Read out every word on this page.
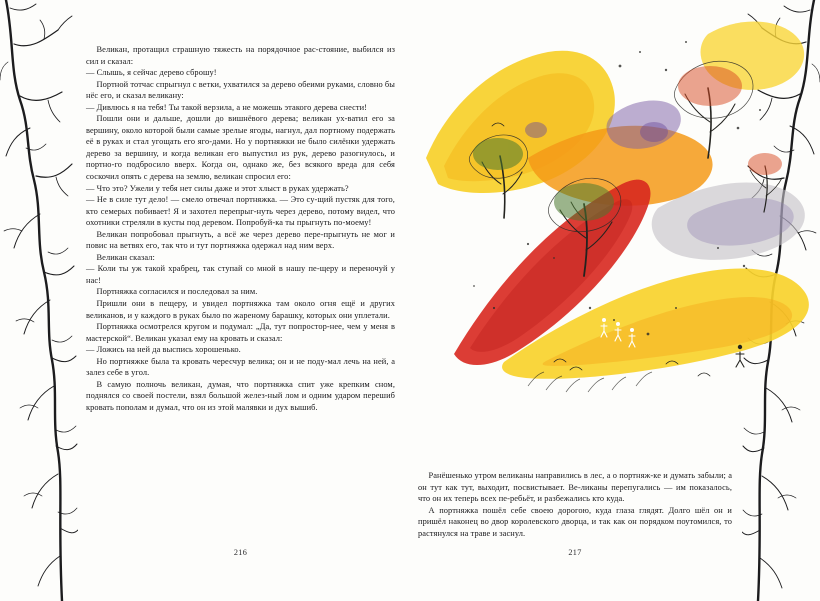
Великан, протащил страшную тяжесть на порядочное рас-стояние, выбился из сил и сказал:

— Слышь, я сейчас дерево сброшу!

Портной тотчас спрыгнул с ветки, ухватился за дерево обеими руками, словно бы нёс его, и сказал великану:

— Дивлюсь я на тебя! Ты такой верзила, а не можешь этакого дерева снести!

Пошли они и дальше, дошли до вишнёвого дерева; великан ух-ватил его за вершину, около которой были самые зрелые ягоды, нагнул, дал портному подержать её в руках и стал угощать его яго-дами. Но у портняжки не было силёнки удержать дерево за вершину, и когда великан его выпустил из рук, дерево разогнулось, и портно-го подбросило вверх. Когда он, однако же, без всякого вреда для себя соскочил опять с дерева на землю, великан спросил его:

— Что это? Ужели у тебя нет силы даже и этот хлыст в руках удержать?

— Не в силе тут дело! — смело отвечал портняжка. — Это су-щий пустяк для того, кто семерых побивает! Я и захотел перепрыг-нуть через дерево, потому видел, что охотники стреляли в кусты под деревом. Попробуй-ка ты прыгнуть по-моему!

Великан попробовал прыгнуть, а всё же через дерево пере-прыгнуть не мог и повис на ветвях его, так что и тут портняжка одержал над ним верх.

Великан сказал:

— Коли ты уж такой храбрец, так ступай со мной в нашу пе-щеру и переночуй у нас!

Портняжка согласился и последовал за ним.

Пришли они в пещеру, и увидел портняжка там около огня ещё и других великанов, и у каждого в руках было по жареному барашку, которых они уплетали.

Портняжка осмотрелся кругом и подумал: „Да, тут попростор-нее, чем у меня в мастерской“. Великан указал ему на кровать и сказал:

— Ложись на ней да выспись хорошенько.

Но портняжке была та кровать чересчур велика; он и не поду-мал лечь на ней, а залез себе в угол.

В самую полночь великан, думая, что портняжка спит уже крепким сном, поднялся со своей постели, взял большой желез-ный лом и одним ударом перешиб кровать пополам и думал, что он из этой малявки и дух вышиб.

216

Ранёшенько утром великаны направились в лес, а о портняж-ке и думать забыли; а он тут как тут, выходит, посвистывает. Ве-ликаны перепугались — им показалось, что он их теперь всех пе-ребьёт, и разбежались кто куда.

А портняжка пошёл себе своею дорогою, куда глаза глядят. Долго шёл он и пришёл наконец во двор королевского дворца, и так как он порядком поутомился, то растянулся на траве и заснул.

217
